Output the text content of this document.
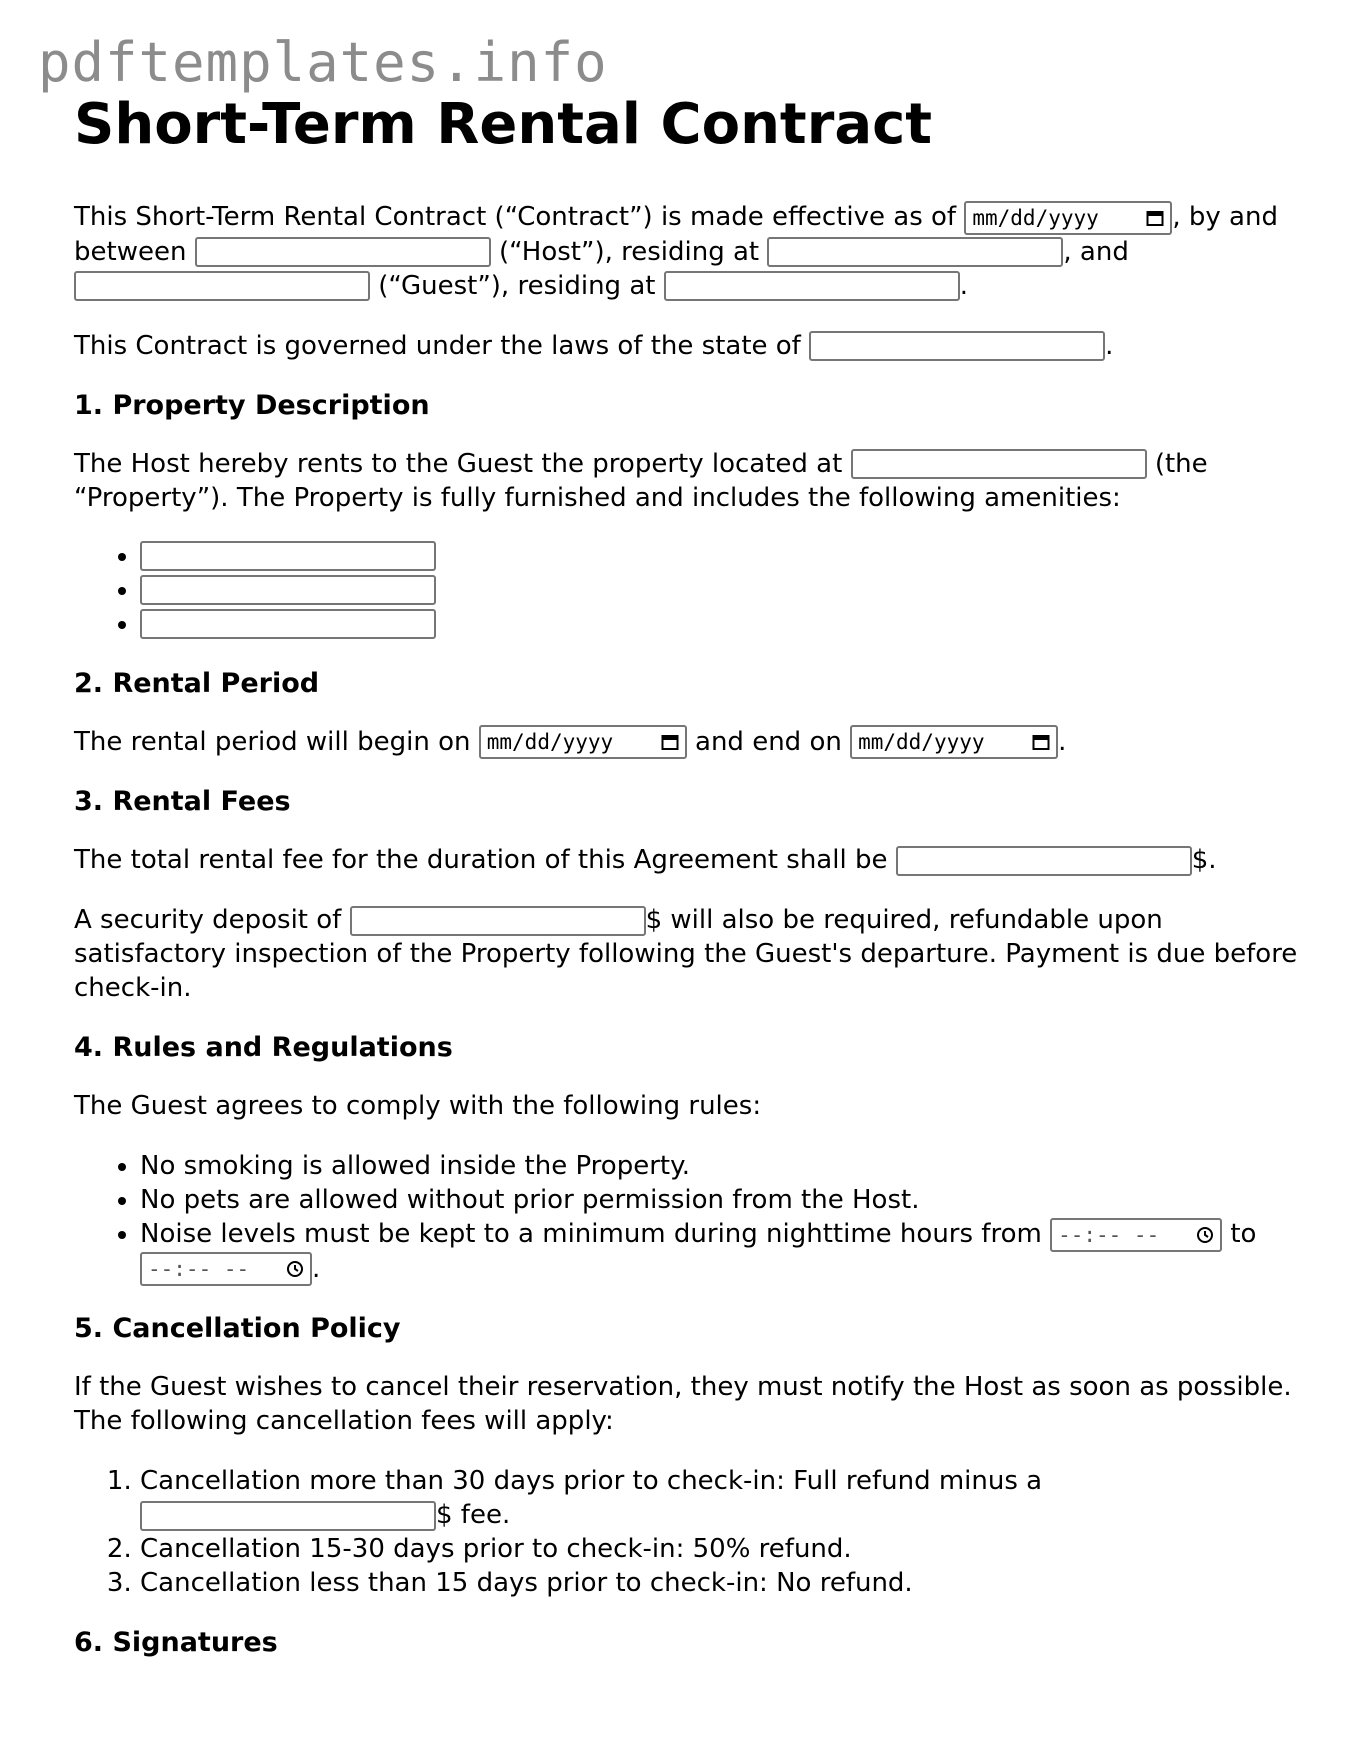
pdftemplates.info
Short-Term Rental Contract

This Short-Term Rental Contract (“Contract”) is made effective as of mm/dd/yyyy	, by and between	(“Host”), residing at	, and  (“Guest”), residing at	.

This Contract is governed under the laws of the state of	.

1. Property Description

The Host hereby rents to the Guest the property located at	(the “Property”). The Property is fully furnished and includes the following amenities:

•
•
•
2. Rental Period

The rental period will begin on mm/dd/yyyy	and end on mm/dd/yyyy	.

3. Rental Fees

The total rental fee for the duration of this Agreement shall be	$.

A security deposit of	$ will also be required, refundable upon satisfactory inspection of the Property following the Guest's departure. Payment is due before check-in.

4. Rules and Regulations

The Guest agrees to comply with the following rules:

• No smoking is allowed inside the Property.
• No pets are allowed without prior permission from the Host.
• Noise levels must be kept to a minimum during nighttime hours from --:-- --	to
--:-- -- .
5. Cancellation Policy

If the Guest wishes to cancel their reservation, they must notify the Host as soon as possible. The following cancellation fees will apply:

1. Cancellation more than 30 days prior to check-in: Full refund minus a $ fee.
2. Cancellation 15-30 days prior to check-in: 50% refund.
3. Cancellation less than 15 days prior to check-in: No refund.
6. Signatures
